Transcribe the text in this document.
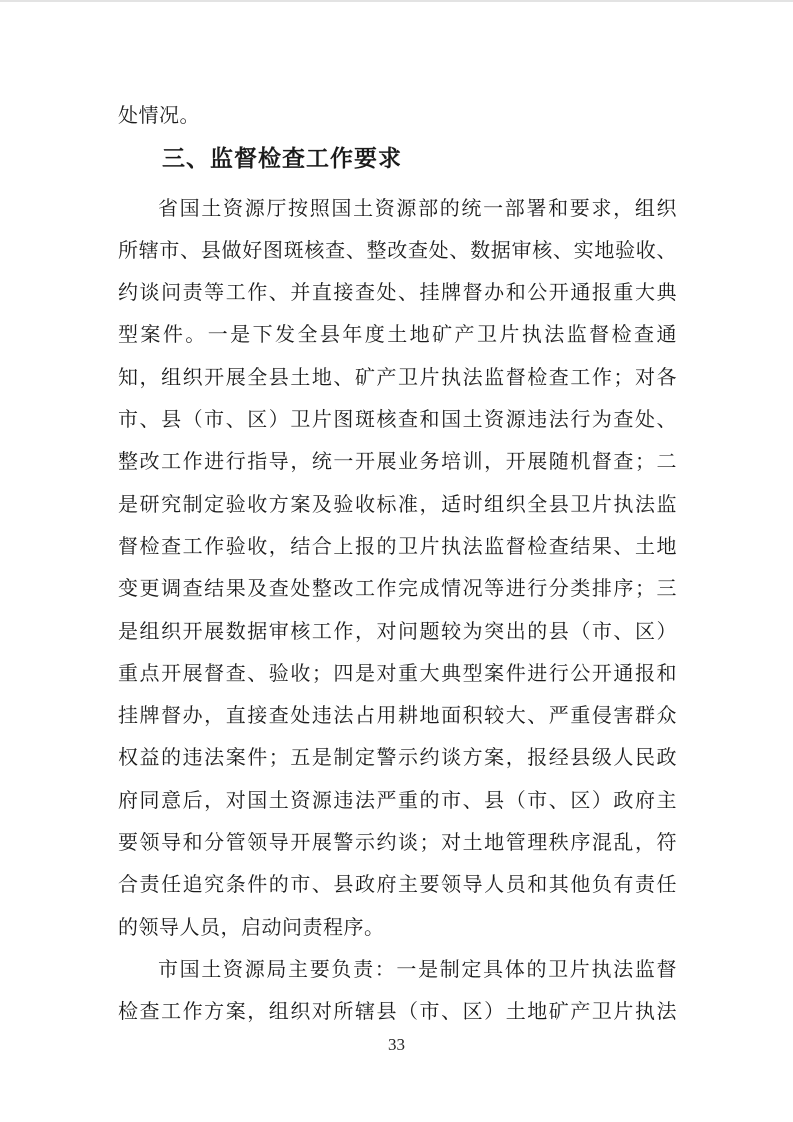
处情况。
三、监督检查工作要求
省国土资源厅按照国土资源部的统一部署和要求，组织
所辖市、县做好图斑核查、整改查处、数据审核、实地验收、
约谈问责等工作、并直接查处、挂牌督办和公开通报重大典
型案件。一是下发全县年度土地矿产卫片执法监督检查通
知，组织开展全县土地、矿产卫片执法监督检查工作；对各
市、县（市、区）卫片图斑核查和国土资源违法行为查处、
整改工作进行指导，统一开展业务培训，开展随机督查；二
是研究制定验收方案及验收标准，适时组织全县卫片执法监
督检查工作验收，结合上报的卫片执法监督检查结果、土地
变更调查结果及查处整改工作完成情况等进行分类排序；三
是组织开展数据审核工作，对问题较为突出的县（市、区）
重点开展督查、验收；四是对重大典型案件进行公开通报和
挂牌督办，直接查处违法占用耕地面积较大、严重侵害群众
权益的违法案件；五是制定警示约谈方案，报经县级人民政
府同意后，对国土资源违法严重的市、县（市、区）政府主
要领导和分管领导开展警示约谈；对土地管理秩序混乱，符
合责任追究条件的市、县政府主要领导人员和其他负有责任
的领导人员，启动问责程序。
市国土资源局主要负责：一是制定具体的卫片执法监督
检查工作方案，组织对所辖县（市、区）土地矿产卫片执法
33
